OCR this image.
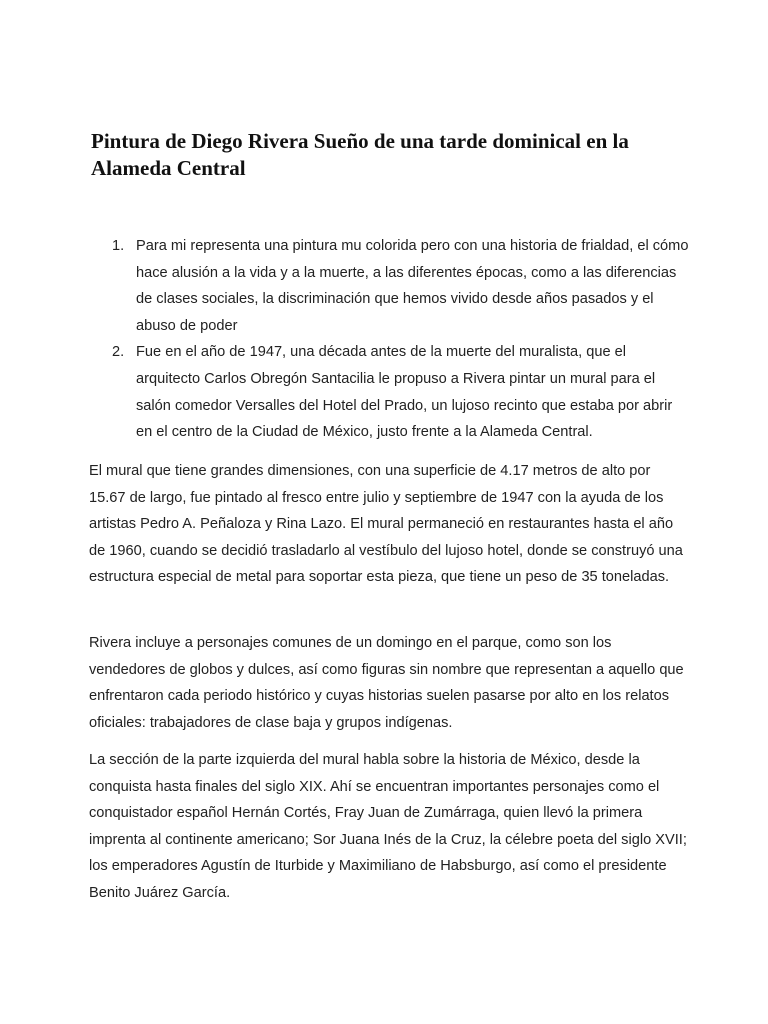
Pintura de Diego Rivera Sueño de una tarde dominical en la Alameda Central
1. Para mi representa una pintura mu colorida pero con una historia de frialdad, el cómo hace alusión a la vida y a la muerte, a las diferentes épocas, como a las diferencias de clases sociales, la discriminación que hemos vivido desde años pasados y el abuso de poder
2. Fue en el año de 1947, una década antes de la muerte del muralista, que el arquitecto Carlos Obregón Santacilia le propuso a Rivera pintar un mural para el salón comedor Versalles del Hotel del Prado, un lujoso recinto que estaba por abrir en el centro de la Ciudad de México, justo frente a la Alameda Central.

El mural que tiene grandes dimensiones, con una superficie de 4.17 metros de alto por 15.67 de largo, fue pintado al fresco entre julio y septiembre de 1947 con la ayuda de los artistas Pedro A. Peñaloza y Rina Lazo. El mural permaneció en restaurantes hasta el año de 1960, cuando se decidió trasladarlo al vestíbulo del lujoso hotel, donde se construyó una estructura especial de metal para soportar esta pieza, que tiene un peso de 35 toneladas.

Rivera incluye a personajes comunes de un domingo en el parque, como son los vendedores de globos y dulces, así como figuras sin nombre que representan a aquello que enfrentaron cada periodo histórico y cuyas historias suelen pasarse por alto en los relatos oficiales: trabajadores de clase baja y grupos indígenas.

La sección de la parte izquierda del mural habla sobre la historia de México, desde la conquista hasta finales del siglo XIX. Ahí se encuentran importantes personajes como el conquistador español Hernán Cortés, Fray Juan de Zumárraga, quien llevó la primera imprenta al continente americano; Sor Juana Inés de la Cruz, la célebre poeta del siglo XVII; los emperadores Agustín de Iturbide y Maximiliano de Habsburgo, así como el presidente Benito Juárez García.
